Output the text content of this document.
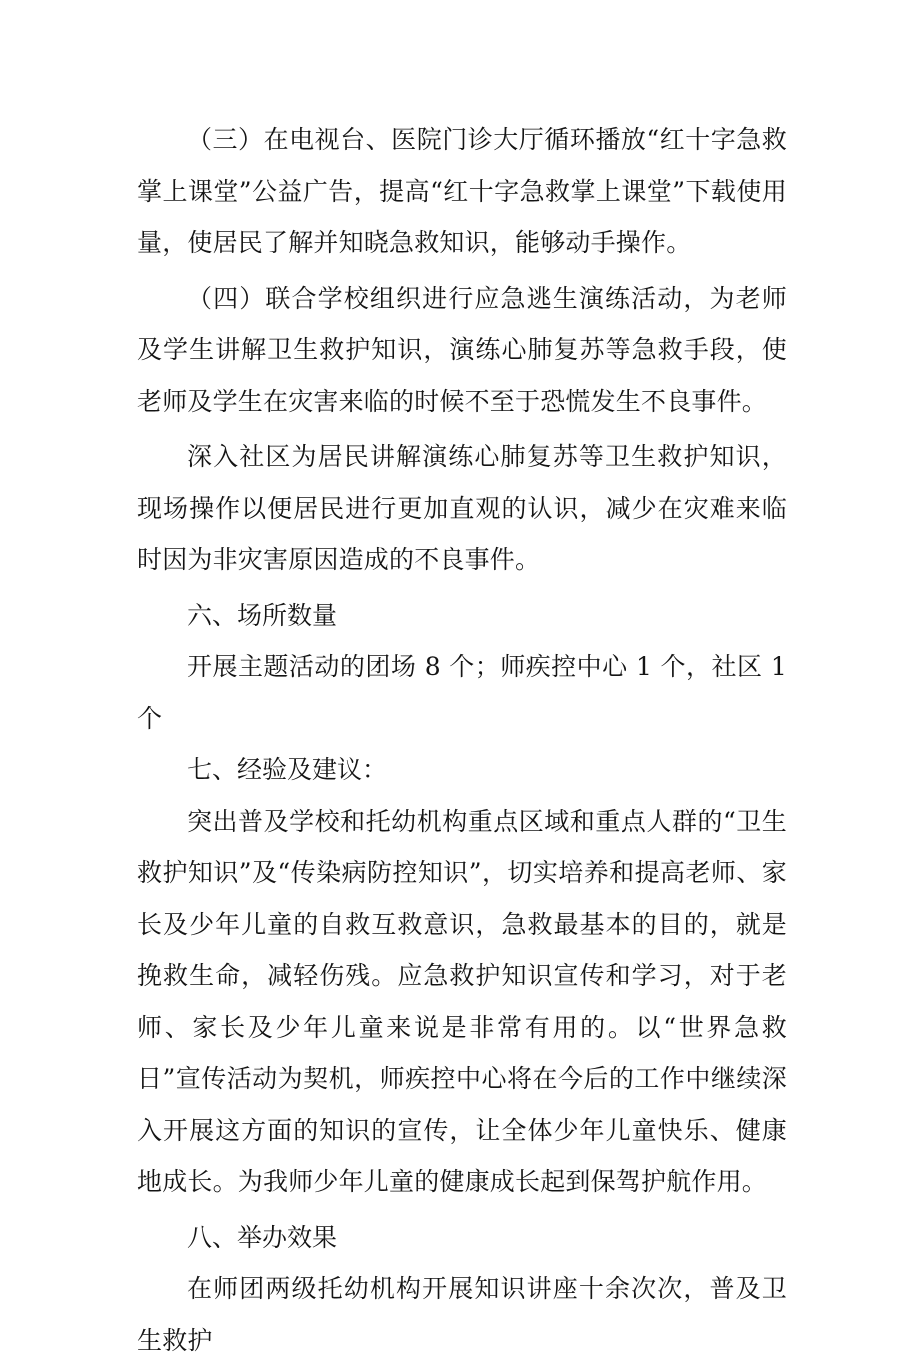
（三）在电视台、医院门诊大厅循环播放“红十字急救掌上课堂”公益广告，提高“红十字急救掌上课堂”下载使用量，使居民了解并知晓急救知识，能够动手操作。

（四）联合学校组织进行应急逃生演练活动，为老师及学生讲解卫生救护知识，演练心肺复苏等急救手段，使老师及学生在灾害来临的时候不至于恐慌发生不良事件。

深入社区为居民讲解演练心肺复苏等卫生救护知识，现场操作以便居民进行更加直观的认识，减少在灾难来临时因为非灾害原因造成的不良事件。

六、场所数量

开展主题活动的团场 8 个；师疾控中心 1 个，社区 1 个

七、经验及建议：

突出普及学校和托幼机构重点区域和重点人群的“卫生救护知识”及“传染病防控知识”，切实培养和提高老师、家长及少年儿童的自救互救意识，急救最基本的目的，就是挽救生命，减轻伤残。应急救护知识宣传和学习，对于老师、家长及少年儿童来说是非常有用的。以“世界急救日”宣传活动为契机，师疾控中心将在今后的工作中继续深入开展这方面的知识的宣传，让全体少年儿童快乐、健康地成长。为我师少年儿童的健康成长起到保驾护航作用。

八、举办效果

在师团两级托幼机构开展知识讲座十余次次，普及卫生救护
